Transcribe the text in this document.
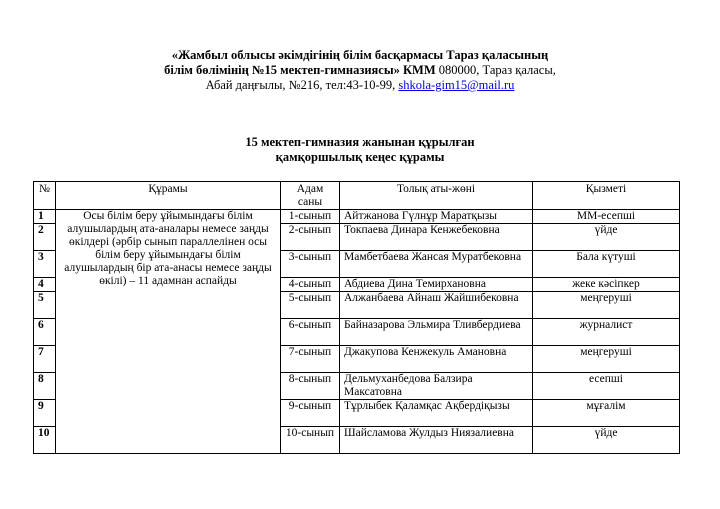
«Жамбыл облысы әкімдігінің білім басқармасы Тараз қаласының
білім бөлімінің №15 мектеп-гимназиясы» КММ 080000, Тараз қаласы,
Абай даңғылы, №216, тел:43-10-99, shkola-gim15@mail.ru
15 мектеп-гимназия жанынан құрылған
қамқоршылық кеңес құрамы
№	Құрамы	Адам саны	Толық аты-жөні	Қызметі
1	Осы білім беру ұйымындағы білім алушылардың ата-аналары немесе заңды өкілдері (әрбір сынып параллелінен осы білім беру ұйымындағы білім алушылардың бір ата-анасы немесе заңды өкілі) – 11 адамнан аспайды	1-сынып	Айтжанова Гүлнұр Маратқызы	ММ-есепші
2		2-сынып	Токпаева Динара Кенжебековна	үйде
3		3-сынып	Мамбетбаева Жансая Муратбековна	Бала күтуші
4		4-сынып	Абдиева Дина Темирхановна	жеке кәсіпкер
5		5-сынып	Алжанбаева Айнаш Жайшибековна	меңгеруші
6		6-сынып	Байназарова Эльмира Тливбердиева	журналист
7		7-сынып	Джакупова Кенжекуль Амановна	меңгеруші
8		8-сынып	Дельмуханбедова Балзира Максатовна	есепші
9		9-сынып	Тұрлыбек Қаламқас Ақбердіқызы	мұғалім
10		10-сынып	Шайсламова Жулдыз Ниязалиевна	үйде
